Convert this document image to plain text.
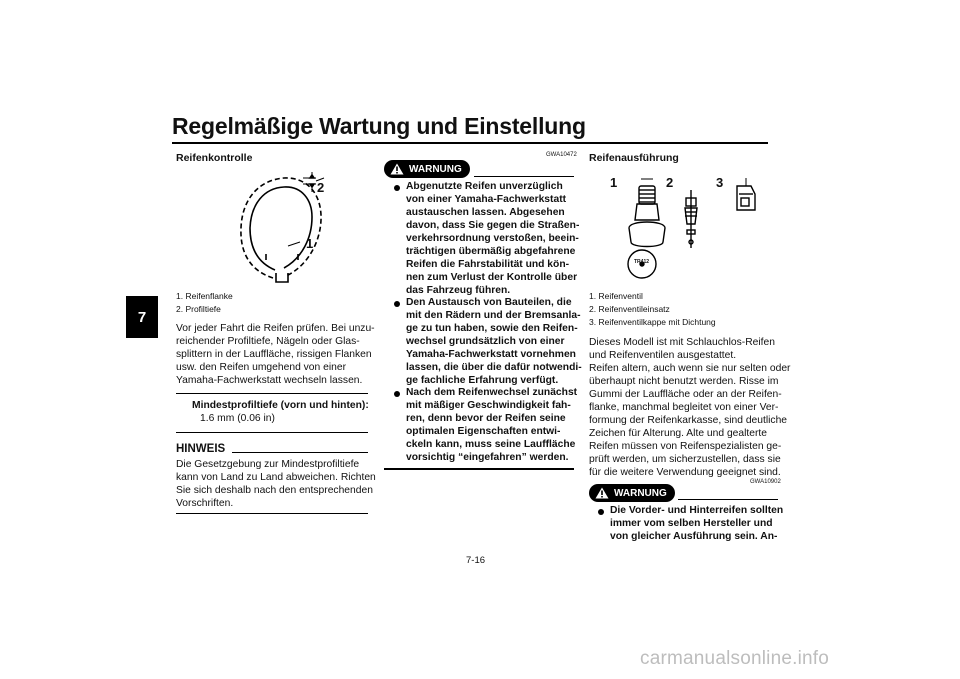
Regelmäßige Wartung und Einstellung
7
Reifenkontrolle
2
1
1. Reifenflanke
2. Profiltiefe
Vor jeder Fahrt die Reifen prüfen. Bei unzu-
reichender Profiltiefe, Nägeln oder Glas-
splittern in der Lauffläche, rissigen Flanken
usw. den Reifen umgehend von einer
Yamaha-Fachwerkstatt wechseln lassen.
Mindestprofiltiefe (vorn und hinten):
1.6 mm (0.06 in)
HINWEIS
Die Gesetzgebung zur Mindestprofiltiefe
kann von Land zu Land abweichen. Richten
Sie sich deshalb nach den entsprechenden
Vorschriften.
WARNUNG
GWA10472
Abgenutzte Reifen unverzüglich
von einer Yamaha-Fachwerkstatt
austauschen lassen. Abgesehen
davon, dass Sie gegen die Straßen-
verkehrsordnung verstoßen, beein-
trächtigen übermäßig abgefahrene
Reifen die Fahrstabilität und kön-
nen zum Verlust der Kontrolle über
das Fahrzeug führen.
Den Austausch von Bauteilen, die
mit den Rädern und der Bremsanla-
ge zu tun haben, sowie den Reifen-
wechsel grundsätzlich von einer
Yamaha-Fachwerkstatt vornehmen
lassen, die über die dafür notwendi-
ge fachliche Erfahrung verfügt.
Nach dem Reifenwechsel zunächst
mit mäßiger Geschwindigkeit fah-
ren, denn bevor der Reifen seine
optimalen Eigenschaften entwi-
ckeln kann, muss seine Lauffläche
vorsichtig “eingefahren” werden.
Reifenausführung
1	2	3
TR412
1. Reifenventil
2. Reifenventileinsatz
3. Reifenventilkappe mit Dichtung
Dieses Modell ist mit Schlauchlos-Reifen
und Reifenventilen ausgestattet.
Reifen altern, auch wenn sie nur selten oder
überhaupt nicht benutzt werden. Risse im
Gummi der Lauffläche oder an der Reifen-
flanke, manchmal begleitet von einer Ver-
formung der Reifenkarkasse, sind deutliche
Zeichen für Alterung. Alte und gealterte
Reifen müssen von Reifenspezialisten ge-
prüft werden, um sicherzustellen, dass sie
für die weitere Verwendung geeignet sind.
GWA10902
WARNUNG
Die Vorder- und Hinterreifen sollten
immer vom selben Hersteller und
von gleicher Ausführung sein. An-
7-16
carmanualsonline.info
